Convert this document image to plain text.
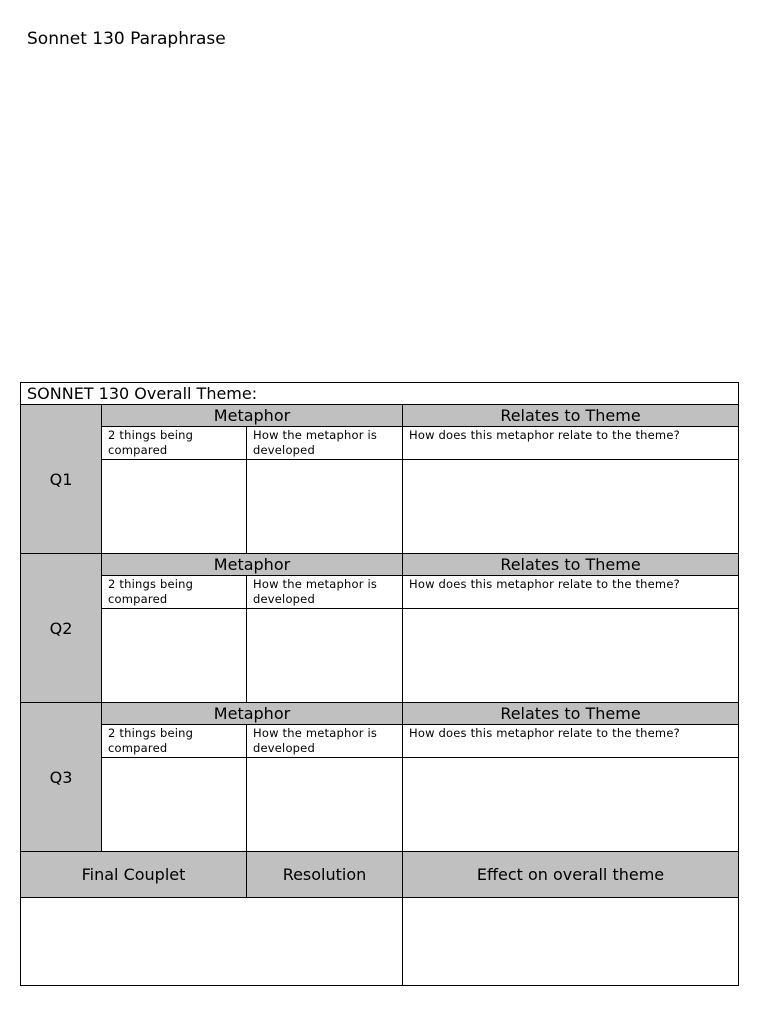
Sonnet 130 Paraphrase
SONNET 130 Overall Theme:			
Q1	Metaphor		Relates to Theme
	2 things being compared	How the metaphor is developed	How does this metaphor relate to the theme?

Q2	Metaphor		Relates to Theme
	2 things being compared	How the metaphor is developed	How does this metaphor relate to the theme?

Q3	Metaphor		Relates to Theme
	2 things being compared	How the metaphor is developed	How does this metaphor relate to the theme?

Final Couplet		Resolution	Effect on overall theme
